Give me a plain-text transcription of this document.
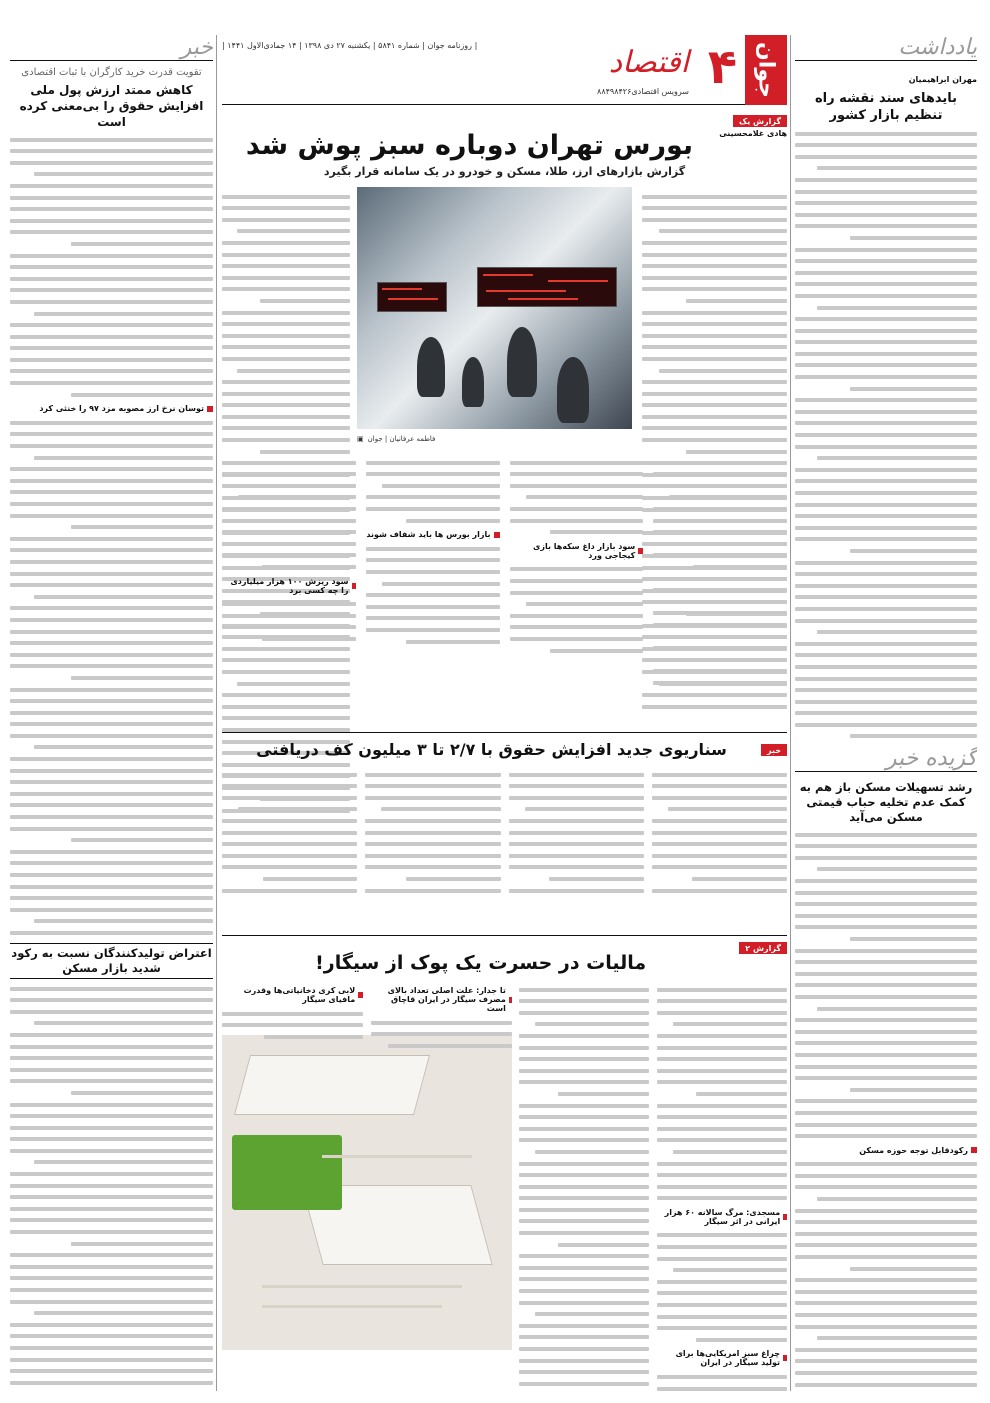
جوان
۴
اقتصاد
| روزنامه جوان | شماره ۵۸۴۱ | یکشنبه ۲۷ دی ۱۳۹۸ | ۱۴ جمادی‌الاول ۱۴۴۱ |
سرویس اقتصادی۸۸۴۹۸۴۲۶
یادداشت
مهران ابراهیمیان
بایدهای سند نقشه راه تنظیم بازار کشور
گزیده خبر
رشد تسهیلات مسکن باز هم به کمک عدم تخلیه حباب قیمتی مسکن می‌آید
رکودقابل توجه حوزه مسکن
خبر
تقویت قدرت خرید کارگران با ثبات اقتصادی
کاهش ممتد ارزش پول ملی افزایش حقوق را بی‌معنی کرده است
توسان نرخ ارز مصوبه مزد ۹۷ را خنثی کرد
اعتراض تولیدکنندگان نسبت به رکود شدید بازار مسکن
گزارش یک
هادی غلامحسینی
بورس تهران دوباره سبز پوش شد
گزارش بازارهای ارز، طلا، مسکن و خودرو در یک سامانه قرار بگیرد
فاطمه عرفانیان | جوان
▣
سود بازار داغ سکه‌ها بازی کیجاجی ورد
بازار بورس ها باید شفاف شوند
سود ریزش ۱۰۰ هزار میلیاردی را چه کسی برد
خبر
سناریوی جدید افزایش حقوق با ۲/۷ تا ۳ میلیون کف دریافتی
گزارش ۲
مالیات در حسرت یک پوک از سیگار!
مسجدی: مرگ سالانه ۶۰ هزار ایرانی در اثر سیگار
چراغ سبز امریکایی‌ها برای تولید سیگار در ایران
تا جدار: علت اصلی تعداد بالای مصرف سیگار در ایران قاچاق است
لابی کری دخانیاتی‌ها وقدرت مافیای سیگار
